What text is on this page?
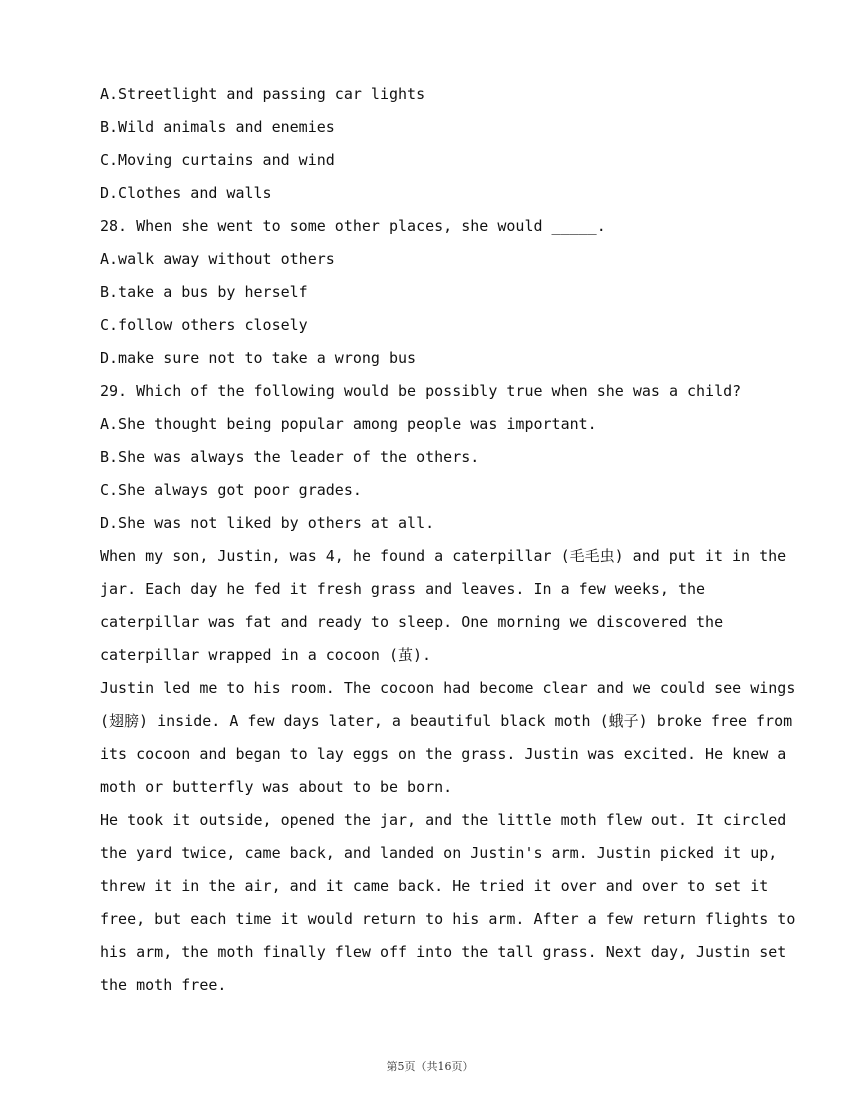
A.Streetlight and passing car lights
B.Wild animals and enemies
C.Moving curtains and wind
D.Clothes and walls
28. When she went to some other places, she would _____.
A.walk away without others
B.take a bus by herself
C.follow others closely
D.make sure not to take a wrong bus
29. Which of the following would be possibly true when she was a child?
A.She thought being popular among people was important.
B.She was always the leader of the others.
C.She always got poor grades.
D.She was not liked by others at all.
When my son, Justin, was 4, he found a caterpillar (毛毛虫) and put it in the
jar. Each day he fed it fresh grass and leaves. In a few weeks, the
caterpillar was fat and ready to sleep. One morning we discovered the
caterpillar wrapped in a cocoon (茧).
Justin led me to his room. The cocoon had become clear and we could see wings
(翅膀) inside. A few days later, a beautiful black moth (蛾子) broke free from
its cocoon and began to lay eggs on the grass. Justin was excited. He knew a
moth or butterfly was about to be born.
He took it outside, opened the jar, and the little moth flew out. It circled
the yard twice, came back, and landed on Justin's arm. Justin picked it up,
threw it in the air, and it came back. He tried it over and over to set it
free, but each time it would return to his arm. After a few return flights to
his arm, the moth finally flew off into the tall grass. Next day, Justin set
the moth free.
第5页（共16页）
